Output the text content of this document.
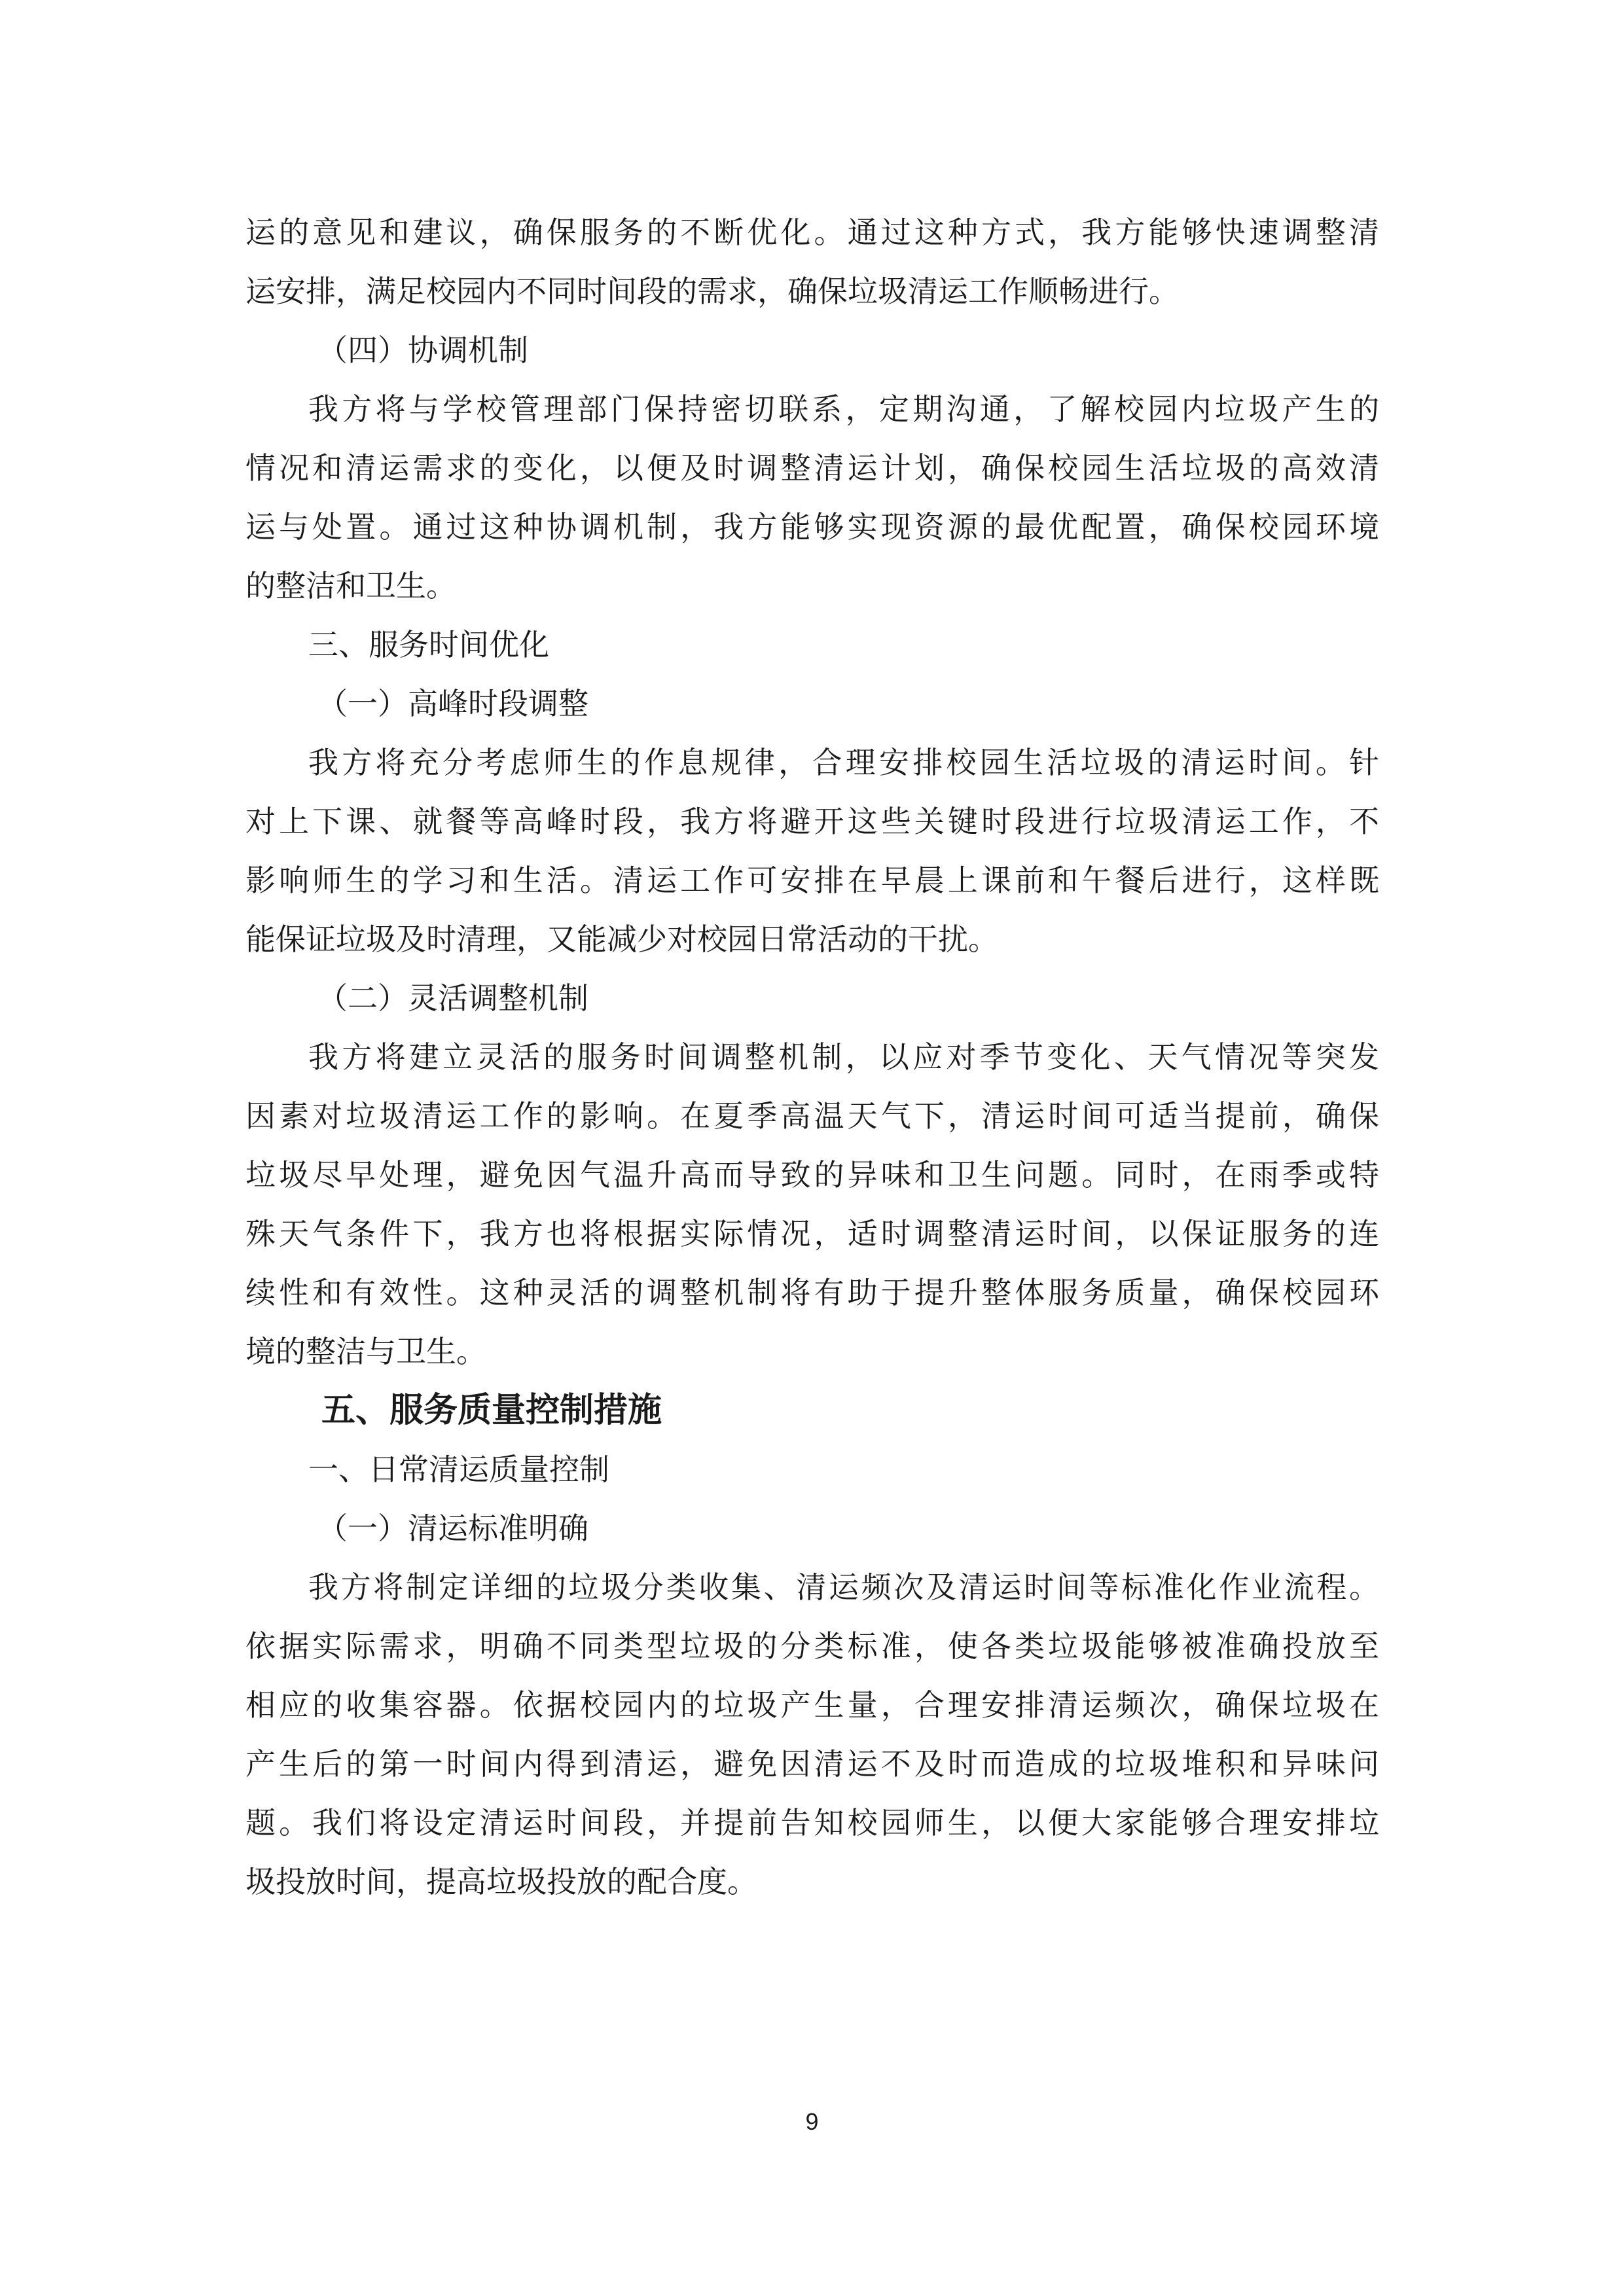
运的意见和建议，确保服务的不断优化。通过这种方式，我方能够快速调整清

运安排，满足校园内不同时间段的需求，确保垃圾清运工作顺畅进行。

（四）协调机制

我方将与学校管理部门保持密切联系，定期沟通，了解校园内垃圾产生的

情况和清运需求的变化，以便及时调整清运计划，确保校园生活垃圾的高效清

运与处置。通过这种协调机制，我方能够实现资源的最优配置，确保校园环境

的整洁和卫生。

三、服务时间优化

（一）高峰时段调整

我方将充分考虑师生的作息规律，合理安排校园生活垃圾的清运时间。针

对上下课、就餐等高峰时段，我方将避开这些关键时段进行垃圾清运工作，不

影响师生的学习和生活。清运工作可安排在早晨上课前和午餐后进行，这样既

能保证垃圾及时清理，又能减少对校园日常活动的干扰。

（二）灵活调整机制

我方将建立灵活的服务时间调整机制，以应对季节变化、天气情况等突发

因素对垃圾清运工作的影响。在夏季高温天气下，清运时间可适当提前，确保

垃圾尽早处理，避免因气温升高而导致的异味和卫生问题。同时，在雨季或特

殊天气条件下，我方也将根据实际情况，适时调整清运时间，以保证服务的连

续性和有效性。这种灵活的调整机制将有助于提升整体服务质量，确保校园环

境的整洁与卫生。

五、服务质量控制措施

一、日常清运质量控制

（一）清运标准明确

我方将制定详细的垃圾分类收集、清运频次及清运时间等标准化作业流程。

依据实际需求，明确不同类型垃圾的分类标准，使各类垃圾能够被准确投放至

相应的收集容器。依据校园内的垃圾产生量，合理安排清运频次，确保垃圾在

产生后的第一时间内得到清运，避免因清运不及时而造成的垃圾堆积和异味问

题。我们将设定清运时间段，并提前告知校园师生，以便大家能够合理安排垃

圾投放时间，提高垃圾投放的配合度。

9
